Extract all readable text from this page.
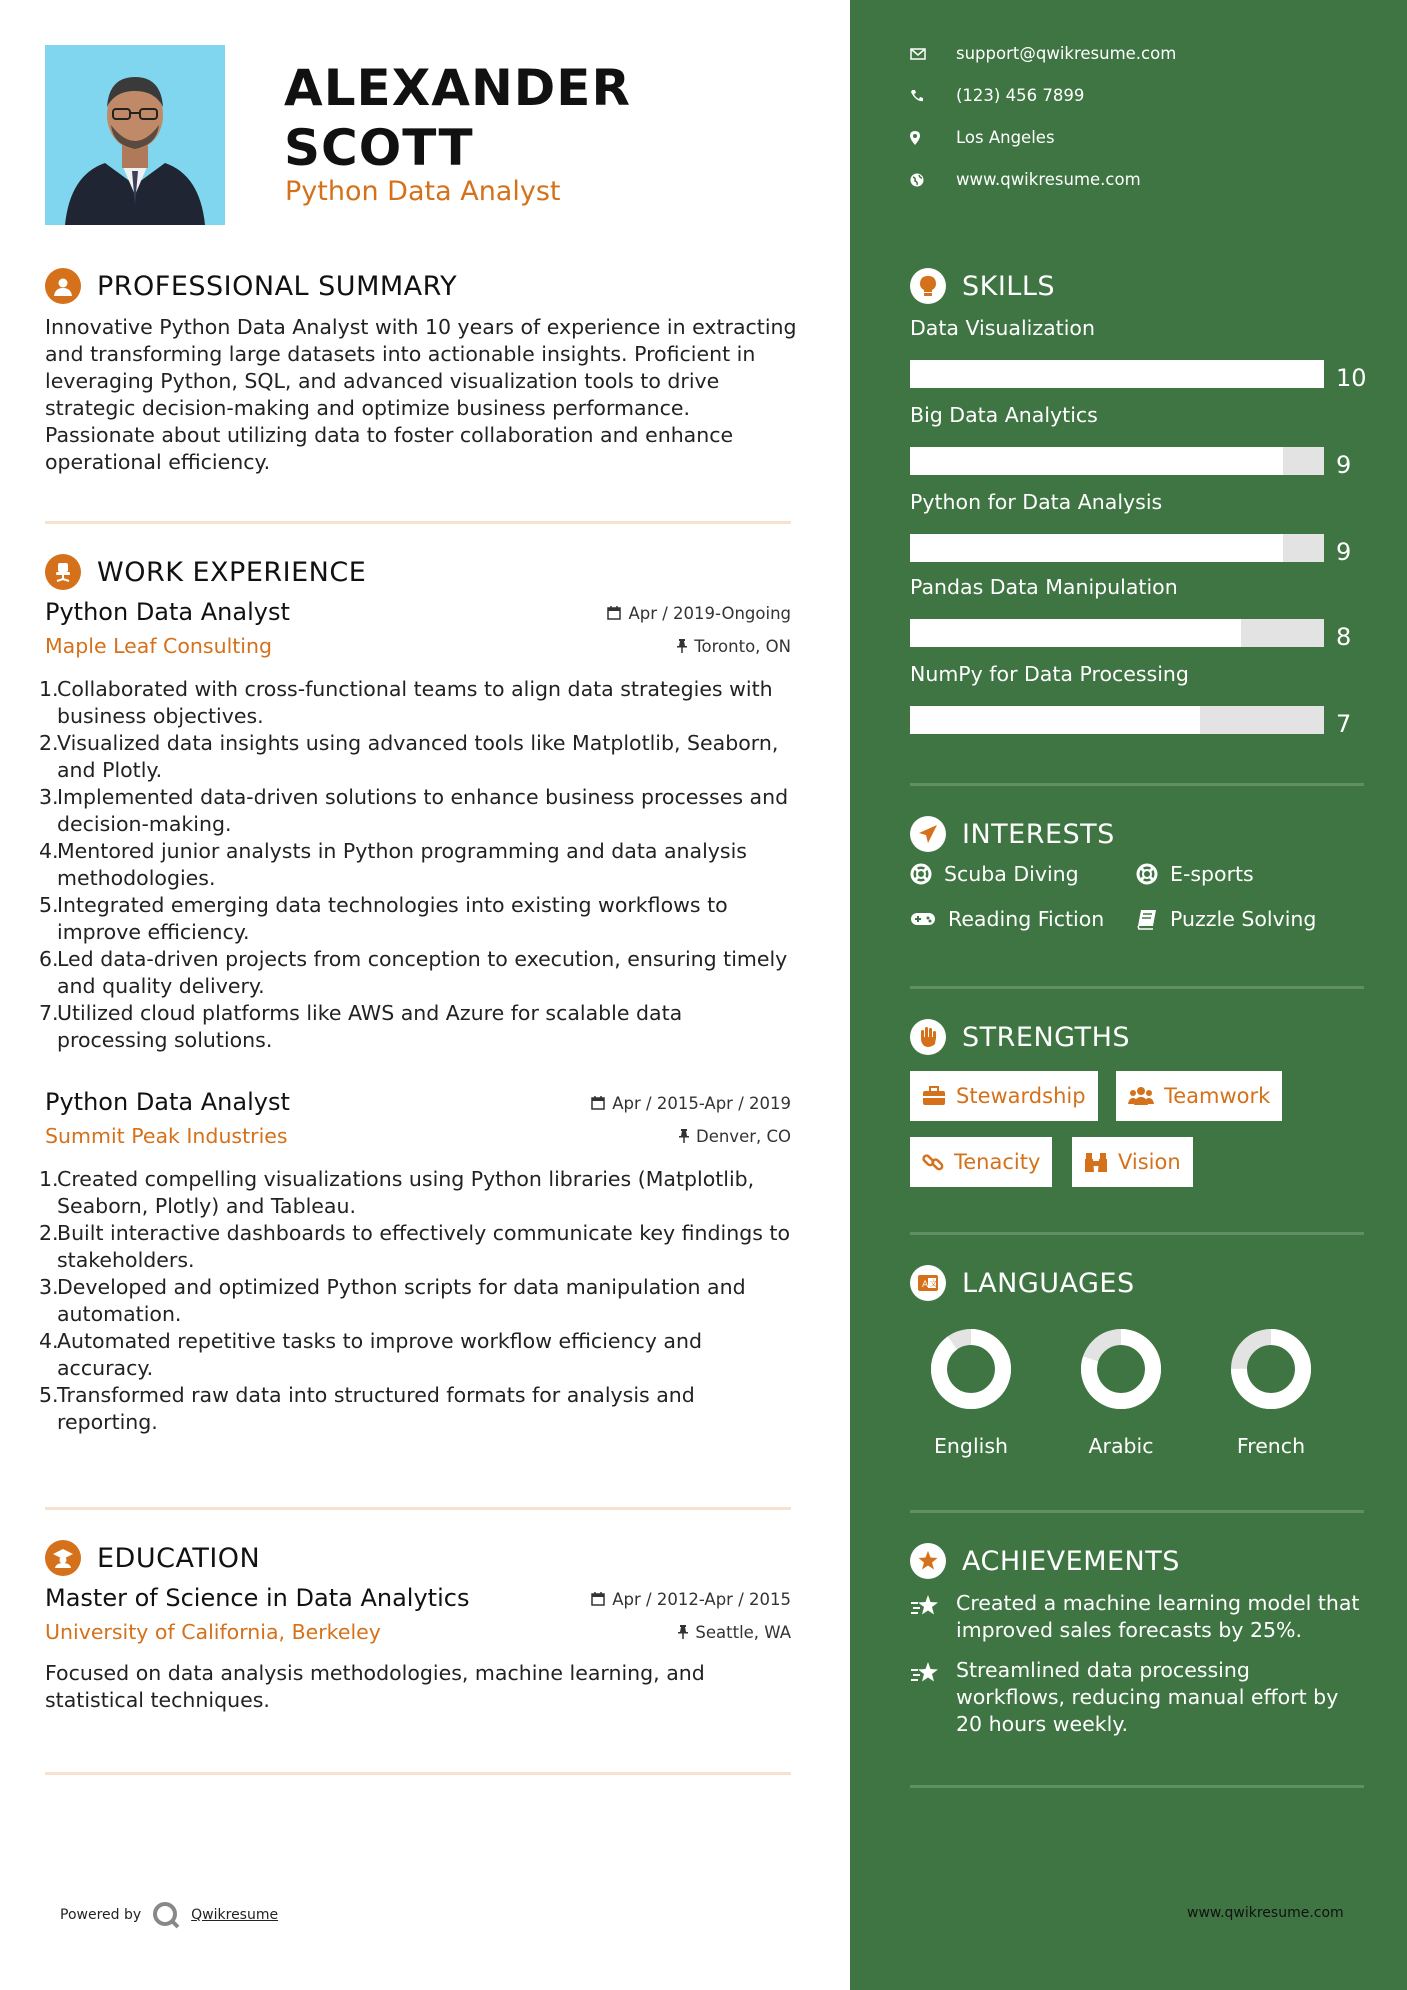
ALEXANDER
SCOTT
Python Data Analyst
PROFESSIONAL SUMMARY
Innovative Python Data Analyst with 10 years of experience in extracting and transforming large datasets into actionable insights. Proficient in leveraging Python, SQL, and advanced visualization tools to drive strategic decision-making and optimize business performance. Passionate about utilizing data to foster collaboration and enhance operational efficiency.
WORK EXPERIENCE
Python Data Analyst	Apr / 2019-Ongoing
Maple Leaf Consulting	Toronto, ON
1.
Collaborated with cross-functional teams to align data strategies with business objectives.
2.
Visualized data insights using advanced tools like Matplotlib, Seaborn, and Plotly.
3.
Implemented data-driven solutions to enhance business processes and decision-making.
4.
Mentored junior analysts in Python programming and data analysis methodologies.
5.
Integrated emerging data technologies into existing workflows to improve efficiency.
6.
Led data-driven projects from conception to execution, ensuring timely and quality delivery.
7.
Utilized cloud platforms like AWS and Azure for scalable data processing solutions.
Python Data Analyst	Apr / 2015-Apr / 2019
Summit Peak Industries	Denver, CO
1.
Created compelling visualizations using Python libraries (Matplotlib, Seaborn, Plotly) and Tableau.
2.
Built interactive dashboards to effectively communicate key findings to stakeholders.
3.
Developed and optimized Python scripts for data manipulation and automation.
4.
Automated repetitive tasks to improve workflow efficiency and accuracy.
5.
Transformed raw data into structured formats for analysis and reporting.
EDUCATION
Master of Science in Data Analytics	Apr / 2012-Apr / 2015
University of California, Berkeley	Seattle, WA
Focused on data analysis methodologies, machine learning, and statistical techniques.
Powered by	Qwikresume
support@qwikresume.com
(123) 456 7899
Los Angeles
www.qwikresume.com
SKILLS
Data Visualization
10
Big Data Analytics
9
Python for Data Analysis
9
Pandas Data Manipulation
8
NumPy for Data Processing
7
INTERESTS
Scuba Diving	E-sports
Reading Fiction	Puzzle Solving
STRENGTHS
Stewardship	Teamwork
Tenacity	Vision
A 文 LANGUAGES
English	Arabic	French
ACHIEVEMENTS
Created a machine learning model that improved sales forecasts by 25%.
Streamlined data processing workflows, reducing manual effort by 20 hours weekly.
www.qwikresume.com
